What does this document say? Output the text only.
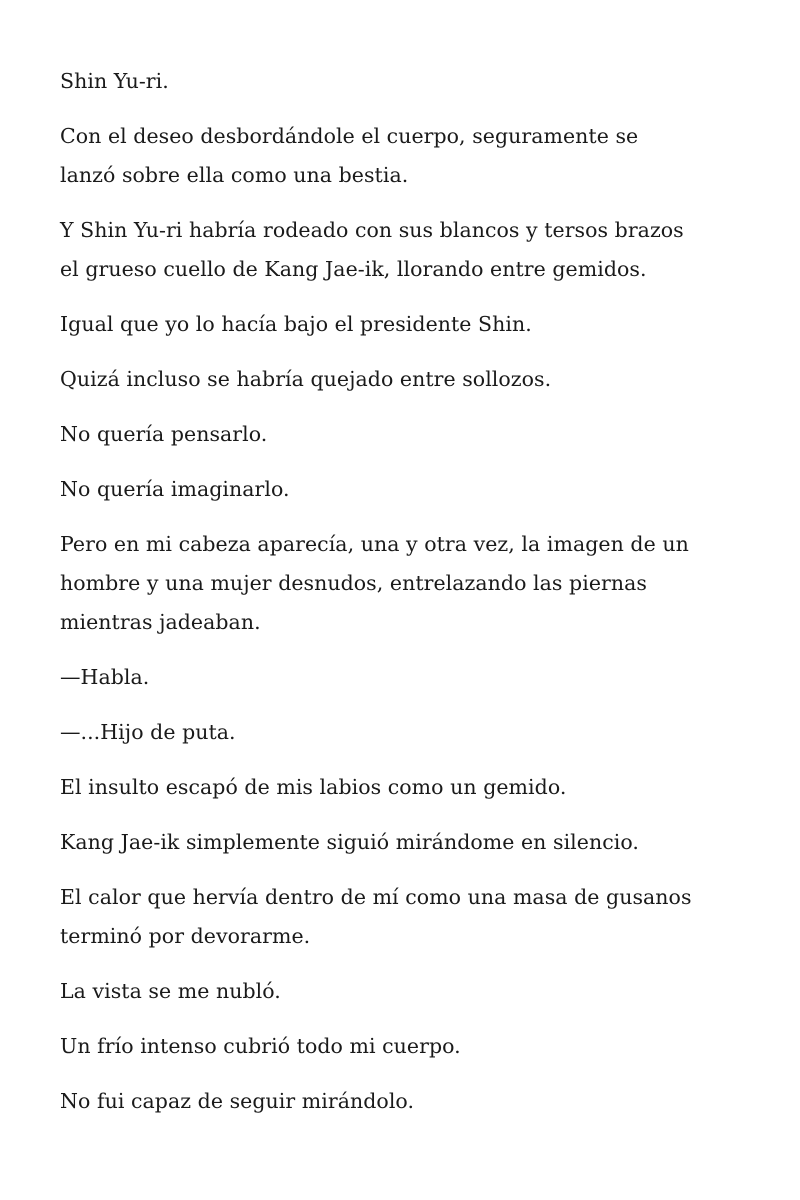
Shin Yu-ri.

Con el deseo desbordándole el cuerpo, seguramente se
lanzó sobre ella como una bestia.

Y Shin Yu-ri habría rodeado con sus blancos y tersos brazos
el grueso cuello de Kang Jae-ik, llorando entre gemidos.

Igual que yo lo hacía bajo el presidente Shin.

Quizá incluso se habría quejado entre sollozos.

No quería pensarlo.

No quería imaginarlo.

Pero en mi cabeza aparecía, una y otra vez, la imagen de un
hombre y una mujer desnudos, entrelazando las piernas
mientras jadeaban.

—Habla.

—...Hijo de puta.

El insulto escapó de mis labios como un gemido.

Kang Jae-ik simplemente siguió mirándome en silencio.

El calor que hervía dentro de mí como una masa de gusanos
terminó por devorarme.

La vista se me nubló.

Un frío intenso cubrió todo mi cuerpo.

No fui capaz de seguir mirándolo.
